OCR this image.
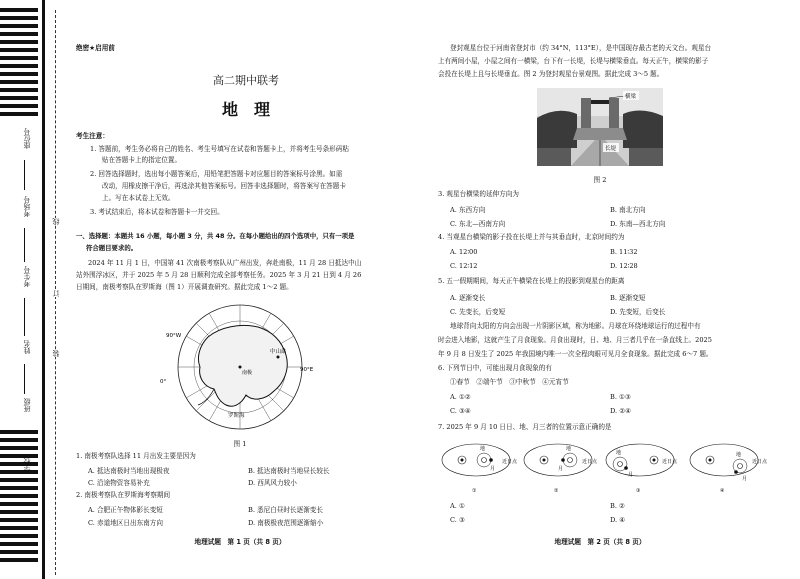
座位号
考场号
考生号
姓名
班级
学校
线
订
装
绝密★启用前
高二期中联考
地　理
考生注意：
1. 答题前，考生务必将自己的姓名、考生号填写在试卷和答题卡上，并将考生号条形码粘
贴在答题卡上的指定位置。
2. 回答选择题时，选出每小题答案后，用铅笔把答题卡对应题目的答案标号涂黑。如需
改动，用橡皮擦干净后，再选涂其他答案标号。回答非选择题时，将答案写在答题卡
上。写在本试卷上无效。
3. 考试结束后，将本试卷和答题卡一并交回。
一、选择题：本题共 16 小题，每小题 3 分，共 48 分。在每小题给出的四个选项中，只有一项是
符合题目要求的。
2024 年 11 月 1 日，中国第 41 次南极考察队从广州出发，奔赴南极，11 月 28 日抵达中山
站外围浮冰区，并于 2025 年 5 月 28 日顺利完成全部考察任务。2025 年 3 月 21 日到 4 月 26
日期间，南极考察队在罗斯海（图 1）开展调查研究。据此完成 1～2 题。
90°W
90°E
0°
中山站
罗斯海
南极
图 1
1. 南极考察队选择 11 月出发主要是因为
A. 抵达南极时当地出现极夜	B. 抵达南极时当地昼长较长
C. 沿途物资容易补充	D. 西风风力较小
2. 南极考察队在罗斯海考察期间
A. 合肥正午物体影长变短	B. 悉尼白昼时长逐渐变长
C. 赤道地区日出东南方向	D. 南极极夜范围逐渐缩小
地理试题　第 1 页（共 8 页）
登封观星台位于河南省登封市（约 34°N，113°E），是中国现存最古老的天文台。观星台
上有两间小屋，小屋之间有一横梁，台下有一长堤，长堤与横梁垂直。每天正午，横梁的影子
会投在长堤上且与长堤垂直。图 2 为登封观星台景观图。据此完成 3～5 题。
横梁
长堤
图 2
3. 观星台横梁的延伸方向为
A. 东西方向	B. 南北方向
C. 东北—西南方向	D. 东南—西北方向
4. 当观星台横梁的影子投在长堤上并与其垂直时，北京时间约为
A. 12∶00	B. 11∶32
C. 12∶12	D. 12∶28
5. 五一假期期间，每天正午横梁在长堤上的投影到观星台的距离
A. 逐渐变长	B. 逐渐变短
C. 先变长，后变短	D. 先变短，后变长
地球背向太阳的方向会出现一片阴影区域，称为地影。月球在环绕地球运行的过程中有
时会进入地影，这就产生了月食现象。月食出现时，日、地、月三者几乎在一条直线上。2025
年 9 月 8 日发生了 2025 年我国境内唯一一次全程肉眼可见月全食现象。据此完成 6～7 题。
6. 下列节日中，可能出现月食现象的有
①春节　②端午节　③中秋节　④元宵节
A. ①②	B. ①③
C. ③④	D. ②④
7. 2025 年 9 月 10 日日、地、月三者的位置示意正确的是
地
月
近日点
①
地
月
近日点
②
地
月
近日点
③
地
月
近日点
④
A. ①	B. ②
C. ③	D. ④
地理试题　第 2 页（共 8 页）
